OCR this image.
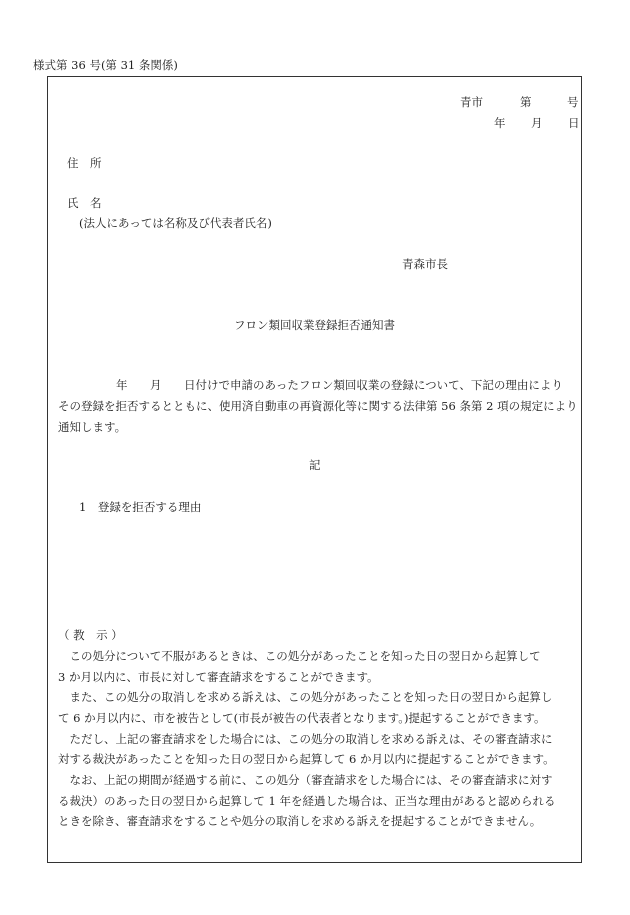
様式第 36 号(第 31 条関係)
青市	第	号
年 月 日
住　所
氏　名
(法人にあっては名称及び代表者氏名)
青森市長
フロン類回収業登録拒否通知書
年 月 日付けで申請のあったフロン類回収業の登録について、下記の理由により
その登録を拒否するとともに、使用済自動車の再資源化等に関する法律第 56 条第 2 項の規定により
通知します。
記
1　登録を拒否する理由
（ 教　示 ）
　この処分について不服があるときは、この処分があったことを知った日の翌日から起算して
3 か月以内に、市長に対して審査請求をすることができます。
　また、この処分の取消しを求める訴えは、この処分があったことを知った日の翌日から起算し
て 6 か月以内に、市を被告として(市長が被告の代表者となります。)提起することができます。
　ただし、上記の審査請求をした場合には、この処分の取消しを求める訴えは、その審査請求に
対する裁決があったことを知った日の翌日から起算して 6 か月以内に提起することができます。
　なお、上記の期間が経過する前に、この処分（審査請求をした場合には、その審査請求に対す
る裁決）のあった日の翌日から起算して 1 年を経過した場合は、正当な理由があると認められる
ときを除き、審査請求をすることや処分の取消しを求める訴えを提起することができません。
